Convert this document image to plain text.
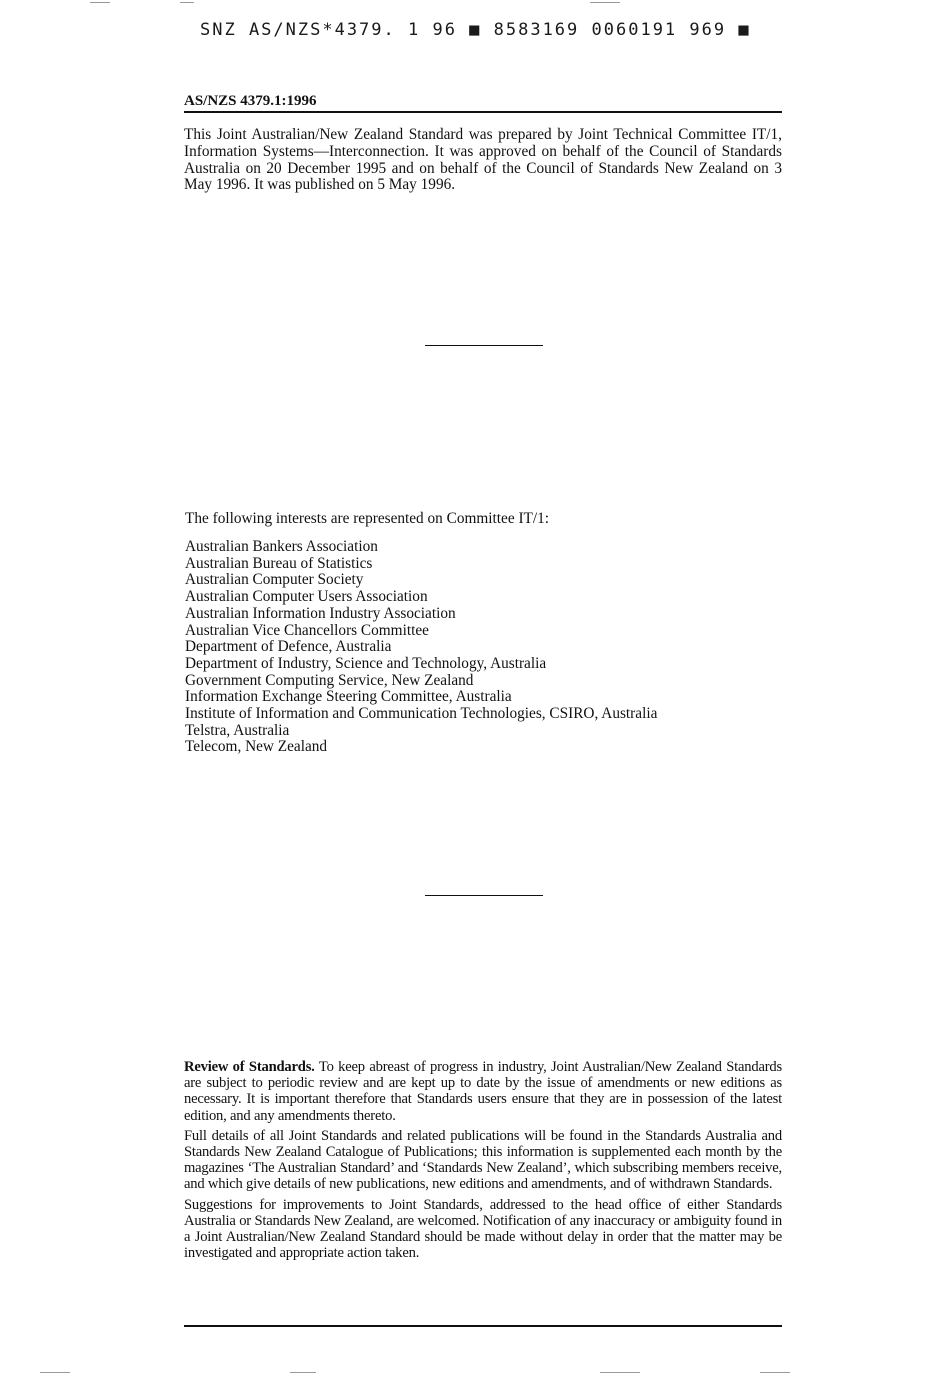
SNZ AS/NZS*4379. 1 96 ■ 8583169 0060191 969 ■
AS/NZS 4379.1:1996

This Joint Australian/New Zealand Standard was prepared by Joint Technical Committee IT/1, Information Systems—Interconnection. It was approved on behalf of the Council of Standards Australia on 20 December 1995 and on behalf of the Council of Standards New Zealand on 3 May 1996. It was published on 5 May 1996.

The following interests are represented on Committee IT/1:

Australian Bankers Association
Australian Bureau of Statistics
Australian Computer Society
Australian Computer Users Association
Australian Information Industry Association
Australian Vice Chancellors Committee
Department of Defence, Australia
Department of Industry, Science and Technology, Australia
Government Computing Service, New Zealand
Information Exchange Steering Committee, Australia
Institute of Information and Communication Technologies, CSIRO, Australia
Telstra, Australia
Telecom, New Zealand

Review of Standards. To keep abreast of progress in industry, Joint Australian/New Zealand Standards are subject to periodic review and are kept up to date by the issue of amendments or new editions as necessary. It is important therefore that Standards users ensure that they are in possession of the latest edition, and any amendments thereto.

Full details of all Joint Standards and related publications will be found in the Standards Australia and Standards New Zealand Catalogue of Publications; this information is supplemented each month by the magazines ‘The Australian Standard’ and ‘Standards New Zealand’, which subscribing members receive, and which give details of new publications, new editions and amendments, and of withdrawn Standards.

Suggestions for improvements to Joint Standards, addressed to the head office of either Standards Australia or Standards New Zealand, are welcomed. Notification of any inaccuracy or ambiguity found in a Joint Australian/New Zealand Standard should be made without delay in order that the matter may be investigated and appropriate action taken.
